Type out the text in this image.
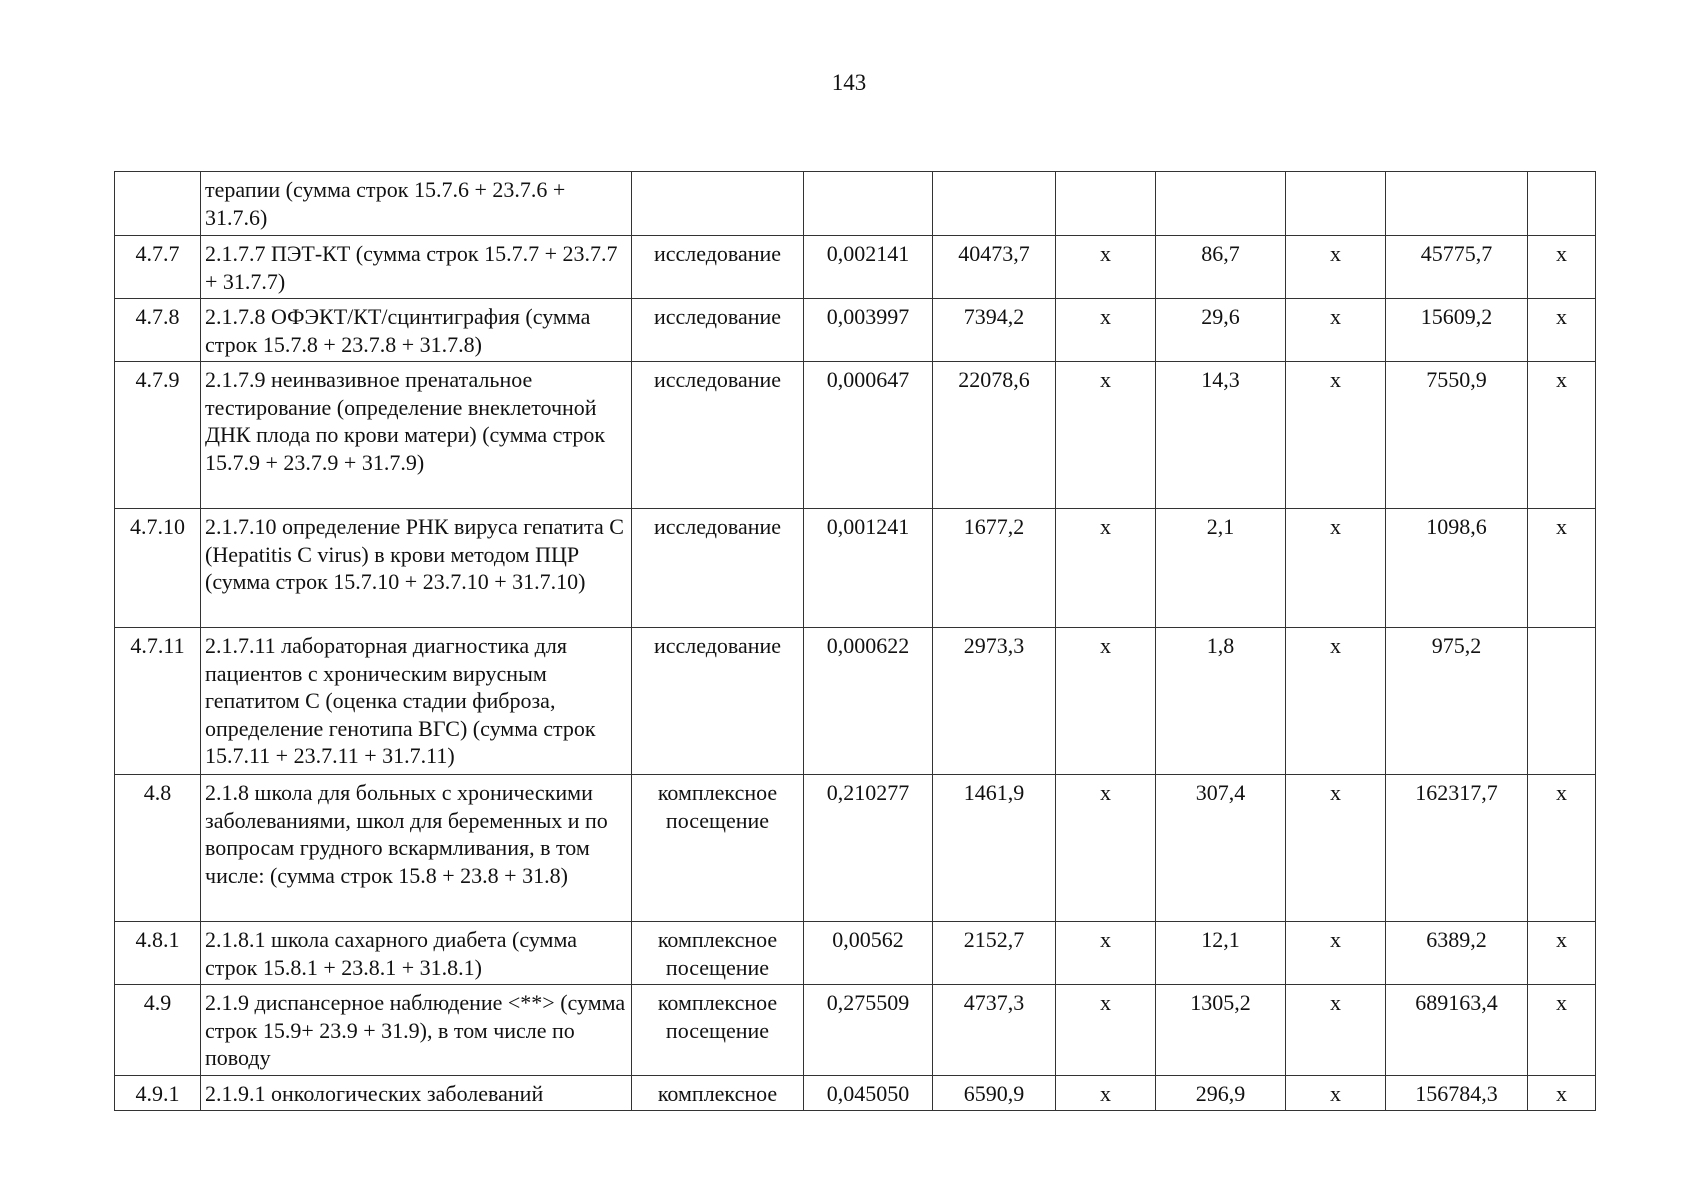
143
	терапии (сумма строк 15.7.6 + 23.7.6 + 31.7.6)								
4.7.7	2.1.7.7 ПЭТ-КТ (сумма строк 15.7.7 + 23.7.7 + 31.7.7)	исследование	0,002141	40473,7	х	86,7	х	45775,7	х
4.7.8	2.1.7.8 ОФЭКТ/КТ/сцинтиграфия (сумма строк 15.7.8 + 23.7.8 + 31.7.8)	исследование	0,003997	7394,2	х	29,6	х	15609,2	х
4.7.9	2.1.7.9 неинвазивное пренатальное тестирование (определение внеклеточной ДНК плода по крови матери) (сумма строк 15.7.9 + 23.7.9 + 31.7.9)	исследование	0,000647	22078,6	х	14,3	х	7550,9	х
4.7.10	2.1.7.10 определение РНК вируса гепатита С (Hepatitis C virus) в крови методом ПЦР (сумма строк 15.7.10 + 23.7.10 + 31.7.10)	исследование	0,001241	1677,2	х	2,1	х	1098,6	х
4.7.11	2.1.7.11 лабораторная диагностика для пациентов с хроническим вирусным гепатитом С (оценка стадии фиброза, определение генотипа ВГС) (сумма строк 15.7.11 + 23.7.11 + 31.7.11)	исследование	0,000622	2973,3	х	1,8	х	975,2	
4.8	2.1.8 школа для больных с хроническими заболеваниями, школ для беременных и по вопросам грудного вскармливания, в том числе: (сумма строк 15.8 + 23.8 + 31.8)	комплексное посещение	0,210277	1461,9	х	307,4	х	162317,7	х
4.8.1	2.1.8.1 школа сахарного диабета (сумма строк 15.8.1 + 23.8.1 + 31.8.1)	комплексное посещение	0,00562	2152,7	х	12,1	х	6389,2	х
4.9	2.1.9 диспансерное наблюдение <**> (сумма строк 15.9+ 23.9 + 31.9), в том числе по поводу	комплексное посещение	0,275509	4737,3	х	1305,2	х	689163,4	х
4.9.1	2.1.9.1 онкологических заболеваний	комплексное	0,045050	6590,9	х	296,9	х	156784,3	х
